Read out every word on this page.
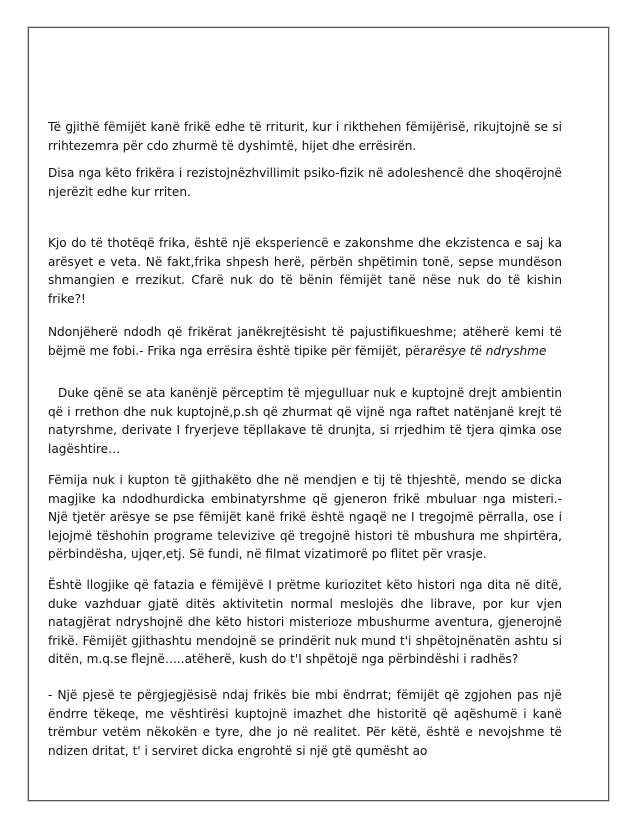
Të gjithë fëmijët kanë frikë edhe të rriturit, kur i rikthehen fëmijërisë, rikujtojnë se si rrihtezemra për cdo zhurmë të dyshimtë, hijet dhe errësirën.

Disa nga këto frikëra i rezistojnëzhvillimit psiko-fizik në adoleshencë dhe shoqërojnë njerëzit edhe kur rriten.

Kjo do të thotëqë frika, është një eksperiencë e zakonshme dhe ekzistenca e saj ka arësyet e veta. Në fakt,frika shpesh herë, përbën shpëtimin tonë, sepse mundëson shmangien e rrezikut. Cfarë nuk do të bënin fëmijët tanë nëse nuk do të kishin frike?!

Ndonjëherë ndodh që frikërat janëkrejtësisht të pajustifikueshme; atëherë kemi të bëjmë me fobi.- Frika nga errësira është tipike për fëmijët, përarësye të ndryshme

Duke qënë se ata kanënjë përceptim të mjegulluar nuk e kuptojnë drejt ambientin që i rrethon dhe nuk kuptojnë,p.sh që zhurmat që vijnë nga raftet natënjanë krejt të natyrshme, derivate I fryerjeve tëpllakave të drunjta, si rrjedhim të tjera qimka ose lagështire…

Fëmija nuk i kupton të gjithakëto dhe në mendjen e tij të thjeshtë, mendo se dicka magjike ka ndodhurdicka embinatyrshme që gjeneron frikë mbuluar nga misteri.- Një tjetër arësye se pse fëmijët kanë frikë është ngaqë ne I tregojmë përralla, ose i lejojmë tëshohin programe televizive që tregojnë histori të mbushura me shpirtëra, përbindësha, ujqer,etj. Së fundi, në filmat vizatimorë po flitet për vrasje.

Është llogjike që fatazia e fëmijëvë I prëtme kuriozitet këto histori nga dita në ditë, duke vazhduar gjatë ditës aktivitetin normal meslojës dhe librave, por kur vjen natagjërat ndryshojnë dhe këto histori misterioze mbushurme aventura, gjenerojnë frikë. Fëmijët gjithashtu mendojnë se prindërit nuk mund t'i shpëtojnënatën ashtu si ditën, m.q.se flejnë…..atëherë, kush do t'I shpëtojë nga përbindëshi i radhës?

- Një pjesë te përgjegjësisë ndaj frikës bie mbi ëndrrat; fëmijët që zgjohen pas një ëndrre tëkeqe, me vështirësi kuptojnë imazhet dhe historitë që aqëshumë i kanë trëmbur vetëm nëkokën e tyre, dhe jo në realitet. Për këtë, është e nevojshme të ndizen dritat, t' i serviret dicka engrohtë si një gtë qumësht ao
